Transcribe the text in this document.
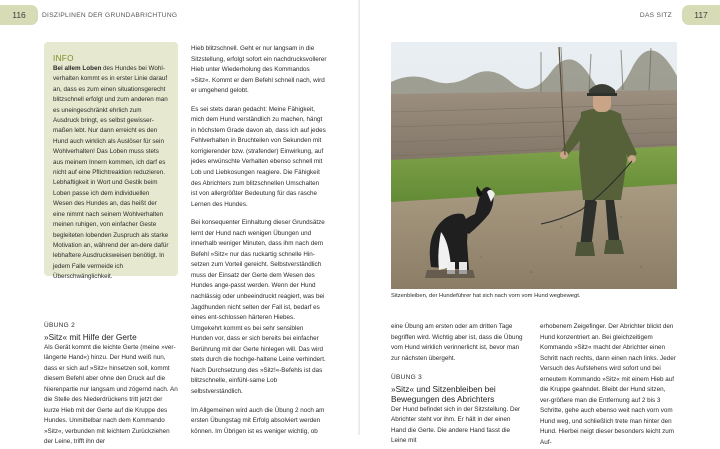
116	DISZIPLINEN DER GRUNDABRICHTUNG
INFO
Bei allem Loben des Hundes bei Wohl-verhalten kommt es in erster Linie darauf an, dass es zum einen situationsgerecht blitzschnell erfolgt und zum anderen man es uneingeschränkt ehrlich zum Ausdruck bringt, es selbst gewisser-maßen lebt. Nur dann erreicht es den Hund auch wirklich als Auslöser für sein Wohlverhalten! Das Loben muss stets aus meinem Innern kommen, ich darf es nicht auf eine Pflichtreaktion reduzieren. Lebhaftigkeit in Wort und Gestik beim Loben passe ich dem individuellen Wesen des Hundes an, das heißt der eine nimmt nach seinem Wohlverhalten meinen ruhigen, von einfacher Geste begleiteten lobenden Zuspruch als starke Motivation an, während der an-dere dafür lebhaftere Ausdrucksweisen benötigt. In jedem Falle vermeide ich Überschwänglichkeit.
ÜBUNG 2
»Sitz« mit Hilfe der Gerte

Als Gerät kommt die leichte Gerte (meine »ver-längerte Hand«) hinzu. Der Hund weiß nun, dass er sich auf »Sitz« hinsetzen soll, kommt diesem Befehl aber ohne den Druck auf die Nierenpartie nur langsam und zögernd nach. An die Stelle des Niederdrückens tritt jetzt der kurze Hieb mit der Gerte auf die Kruppe des Hundes. Unmittelbar nach dem Kommando »Sitz«, verbunden mit leichtem Zurückziehen der Leine, trifft ihn der

Hieb blitzschnell. Geht er nur langsam in die Sitzstellung, erfolgt sofort ein nachdrucksvollerer Hieb unter Wiederholung des Kommandos »Sitz«. Kommt er dem Befehl schnell nach, wird er umgehend gelobt.

Es sei stets daran gedacht: Meine Fähigkeit, mich dem Hund verständlich zu machen, hängt in höchstem Grade davon ab, dass ich auf jedes Fehlverhalten in Bruchteilen von Sekunden mit korrigierender bzw. (strafender) Einwirkung, auf jedes erwünschte Verhalten ebenso schnell mit Lob und Liebkosungen reagiere. Die Fähigkeit des Abrichters zum blitzschnellen Umschalten ist von allergrößter Bedeutung für das rasche Lernen des Hundes.

Bei konsequenter Einhaltung dieser Grundsätze lernt der Hund nach wenigen Übungen und innerhalb weniger Minuten, dass ihm nach dem Befehl »Sitz« nur das ruckartig schnelle Hin-setzen zum Vorteil gereicht. Selbstverständlich muss der Einsatz der Gerte dem Wesen des Hundes ange-passt werden. Wenn der Hund nachlässig oder unbeeindruckt reagiert, was bei Jagdhunden nicht selten der Fall ist, bedarf es eines ent-schlossen härteren Hiebes. Umgekehrt kommt es bei sehr sensiblen Hunden vor, dass er sich bereits bei einfacher Berührung mit der Gerte hinlegen will. Das wird stets durch die hochge-haltene Leine verhindert. Nach Durchsetzung des »Sitz!«-Befehls ist das blitzschnelle, einfühl-same Lob selbstverständlich.

Im Allgemeinen wird auch die Übung 2 noch am ersten Übungstag mit Erfolg absolviert werden können. Im Übrigen ist es weniger wichtig, ob

117
DAS SITZ
Sitzenbleiben, der Hundeführer hat sich nach vorn vom Hund wegbewegt.

eine Übung am ersten oder am dritten Tage begriffen wird. Wichtig aber ist, dass die Übung vom Hund wirklich verinnerlicht ist, bevor man zur nächsten übergeht.

ÜBUNG 3
»Sitz« und Sitzenbleiben bei Bewegungen des Abrichters

Der Hund befindet sich in der Sitzstellung. Der Abrichter steht vor ihm. Er hält in der einen Hand die Gerte. Die andere Hand fasst die Leine mit

erhobenem Zeigefinger. Der Abrichter blickt den Hund konzentriert an. Bei gleichzeitigem Kommando »Sitz« macht der Abrichter einen Schritt nach rechts, dann einen nach links. Jeder Versuch des Aufstehens wird sofort und bei erneutem Kommando »Sitz« mit einem Hieb auf die Kruppe geahndet. Bleibt der Hund sitzen, ver-größere man die Entfernung auf 2 bis 3 Schritte, gehe auch ebenso weit nach vorn vom Hund weg, und schließlich trete man hinter den Hund. Hierbei neigt dieser besonders leicht zum Auf-
